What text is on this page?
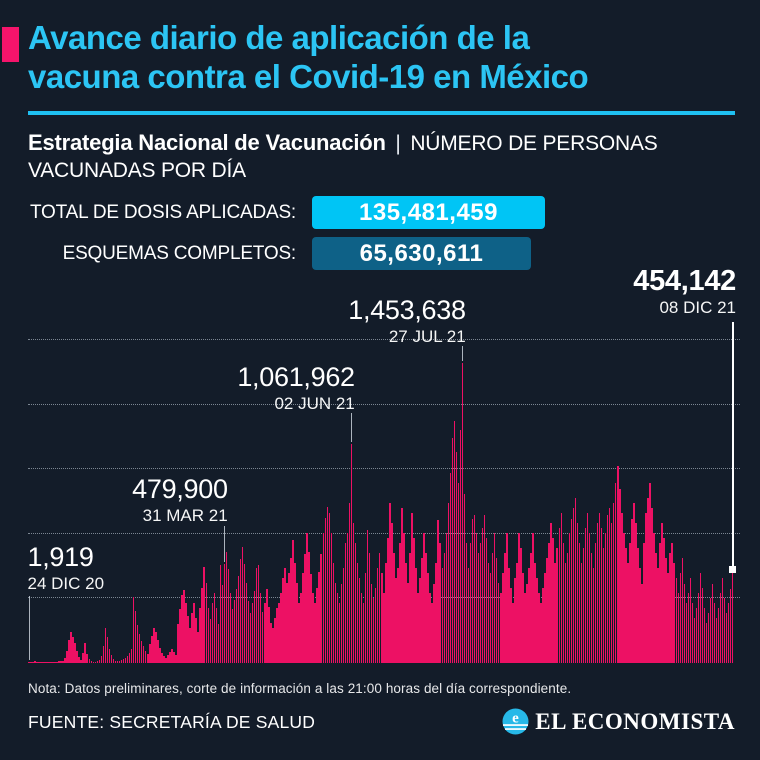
Avance diario de aplicación de la
vacuna contra el Covid-19 en México
Estrategia Nacional de Vacunación | NÚMERO DE PERSONAS VACUNADAS POR DÍA
TOTAL DE DOSIS APLICADAS:	135,481,459
ESQUEMAS COMPLETOS:	65,630,611
1,919
24 DIC 20
479,900
31 MAR 21
1,061,962
02 JUN 21
1,453,638
27 JUL 21
454,142
08 DIC 21
Nota: Datos preliminares, corte de información a las 21:00 horas del día correspondiente.
FUENTE: SECRETARÍA DE SALUD	e EL ECONOMISTA
